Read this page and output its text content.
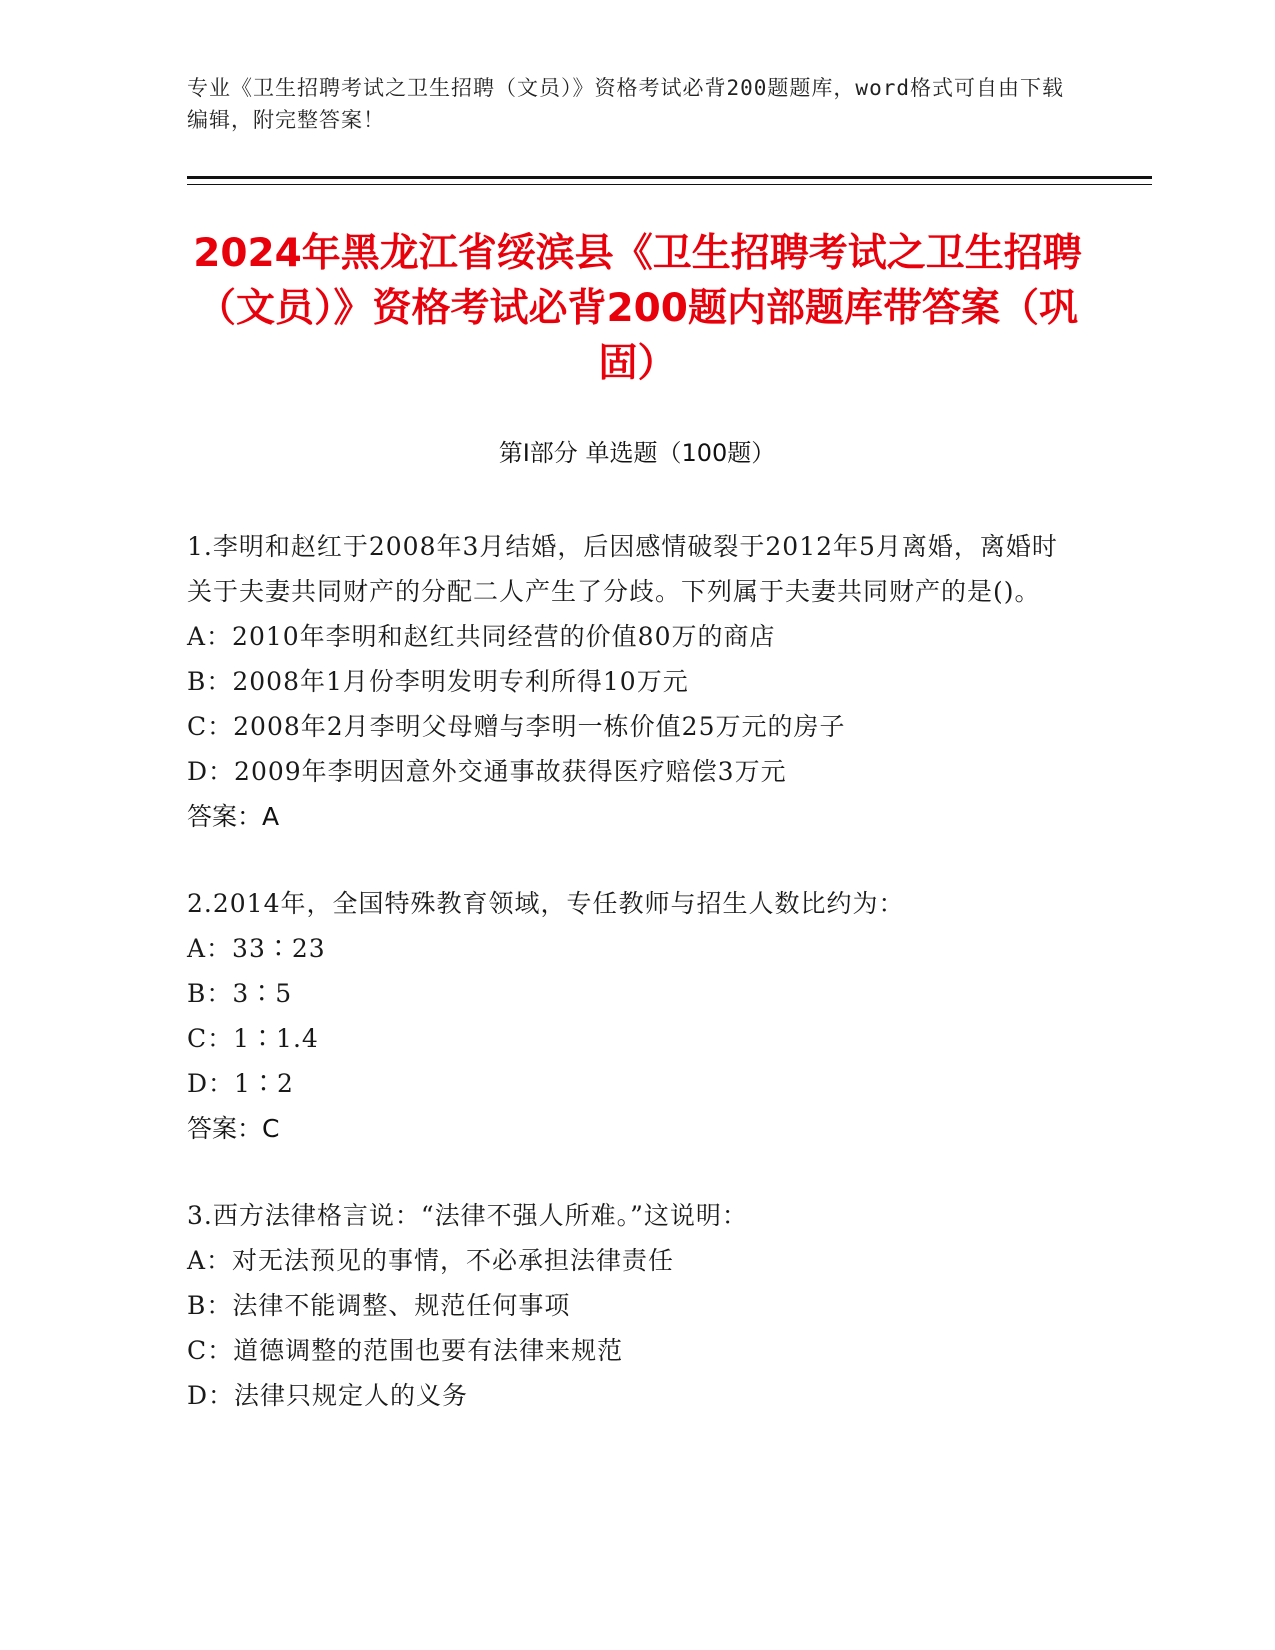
专业《卫生招聘考试之卫生招聘（文员）》资格考试必背200题题库，word格式可自由下载编辑，附完整答案！
2024年黑龙江省绥滨县《卫生招聘考试之卫生招聘（文员）》资格考试必背200题内部题库带答案（巩固）
第I部分 单选题（100题）
1.李明和赵红于2008年3月结婚，后因感情破裂于2012年5月离婚，离婚时关于夫妻共同财产的分配二人产生了分歧。下列属于夫妻共同财产的是()。
A：2010年李明和赵红共同经营的价值80万的商店
B：2008年1月份李明发明专利所得10万元
C：2008年2月李明父母赠与李明一栋价值25万元的房子
D：2009年李明因意外交通事故获得医疗赔偿3万元
答案：A
2.2014年，全国特殊教育领域，专任教师与招生人数比约为：
A：33∶23
B：3∶5
C：1∶1.4
D：1∶2
答案：C
3.西方法律格言说：“法律不强人所难。”这说明：
A：对无法预见的事情，不必承担法律责任
B：法律不能调整、规范任何事项
C：道德调整的范围也要有法律来规范
D：法律只规定人的义务
